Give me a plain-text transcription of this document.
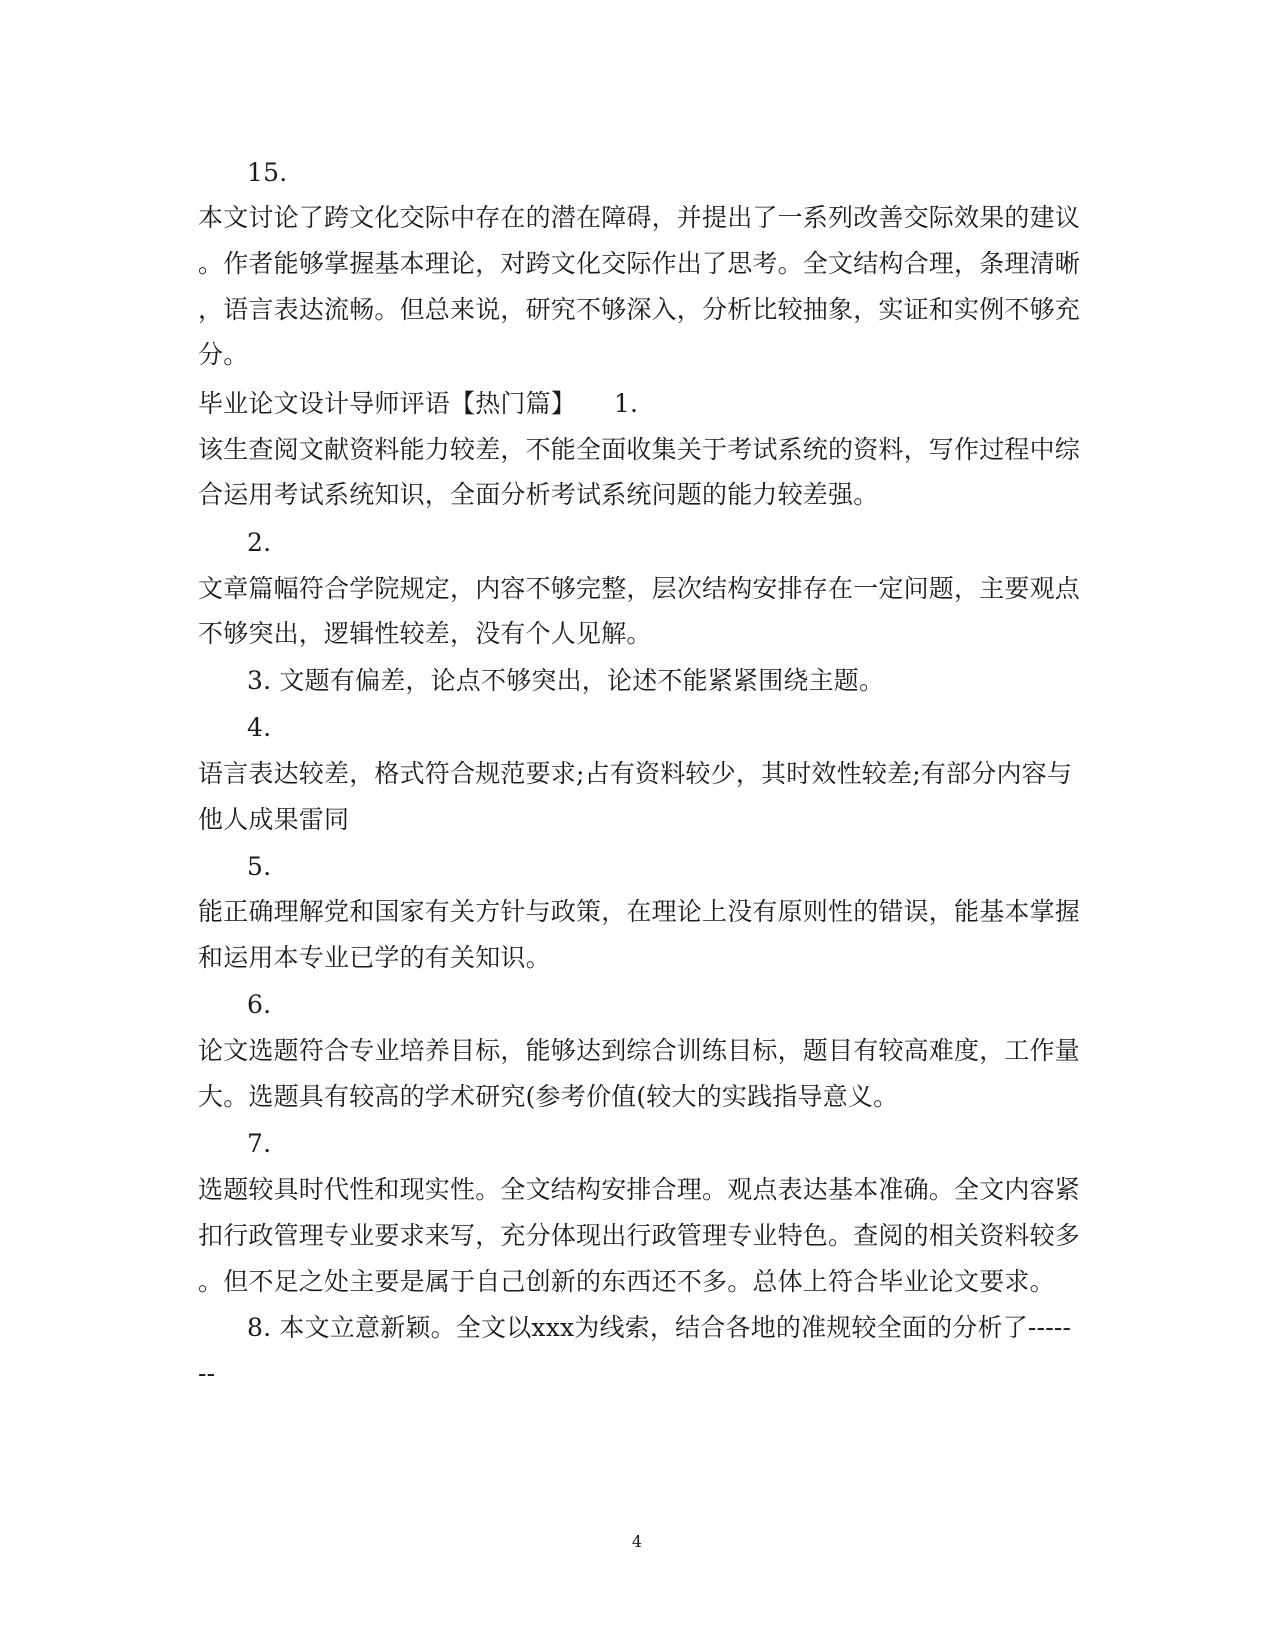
15.
本文讨论了跨文化交际中存在的潜在障碍，并提出了一系列改善交际效果的建议
。作者能够掌握基本理论，对跨文化交际作出了思考。全文结构合理，条理清晰
，语言表达流畅。但总来说，研究不够深入，分析比较抽象，实证和实例不够充
分。
毕业论文设计导师评语【热门篇】　　1.
该生查阅文献资料能力较差，不能全面收集关于考试系统的资料，写作过程中综
合运用考试系统知识，全面分析考试系统问题的能力较差强。
2.
文章篇幅符合学院规定，内容不够完整，层次结构安排存在一定问题，主要观点
不够突出，逻辑性较差，没有个人见解。
3. 文题有偏差，论点不够突出，论述不能紧紧围绕主题。
4.
语言表达较差，格式符合规范要求;占有资料较少，其时效性较差;有部分内容与
他人成果雷同
5.
能正确理解党和国家有关方针与政策，在理论上没有原则性的错误，能基本掌握
和运用本专业已学的有关知识。
6.
论文选题符合专业培养目标，能够达到综合训练目标，题目有较高难度，工作量
大。选题具有较高的学术研究(参考价值(较大的实践指导意义。
7.
选题较具时代性和现实性。全文结构安排合理。观点表达基本准确。全文内容紧
扣行政管理专业要求来写，充分体现出行政管理专业特色。查阅的相关资料较多
。但不足之处主要是属于自己创新的东西还不多。总体上符合毕业论文要求。
8. 本文立意新颖。全文以xxx为线索，结合各地的准规较全面的分析了-----
--
4
